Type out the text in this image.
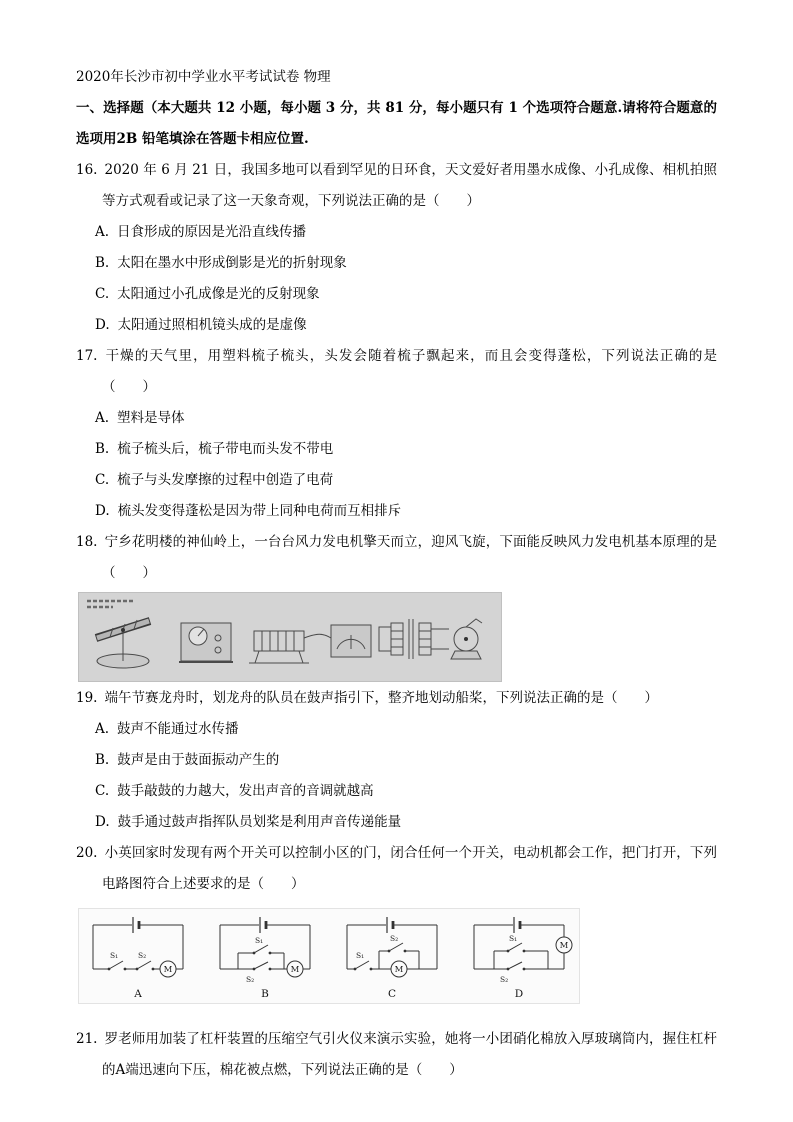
2020年长沙市初中学业水平考试试卷 物理

一、选择题（本大题共 12 小题，每小题 3 分，共 81 分，每小题只有 1 个选项符合题意.请将符合题意的选项用2B 铅笔填涂在答题卡相应位置.

16. 2020 年 6 月 21 日，我国多地可以看到罕见的日环食，天文爱好者用墨水成像、小孔成像、相机拍照等方式观看或记录了这一天象奇观，下列说法正确的是（　　）

A. 日食形成的原因是光沿直线传播

B. 太阳在墨水中形成倒影是光的折射现象

C. 太阳通过小孔成像是光的反射现象

D. 太阳通过照相机镜头成的是虚像

17. 干燥的天气里，用塑料梳子梳头，头发会随着梳子飘起来，而且会变得蓬松，下列说法正确的是（　　）

A. 塑料是导体

B. 梳子梳头后，梳子带电而头发不带电

C. 梳子与头发摩擦的过程中创造了电荷

D. 梳头发变得蓬松是因为带上同种电荷而互相排斥

18. 宁乡花明楼的神仙岭上，一台台风力发电机擎天而立，迎风飞旋，下面能反映风力发电机基本原理的是（　　）

19. 端午节赛龙舟时，划龙舟的队员在鼓声指引下，整齐地划动船桨，下列说法正确的是（　　）

A. 鼓声不能通过水传播

B. 鼓声是由于鼓面振动产生的

C. 鼓手敲鼓的力越大，发出声音的音调就越高

D. 鼓手通过鼓声指挥队员划桨是利用声音传递能量

20. 小英回家时发现有两个开关可以控制小区的门，闭合任何一个开关，电动机都会工作，把门打开，下列电路图符合上述要求的是（　　）

S₁	S₂
M
A
S₁
S₂
M
B
S₁
S₂
M
C
S₁
S₂
M
D

21. 罗老师用加装了杠杆装置的压缩空气引火仪来演示实验，她将一小团硝化棉放入厚玻璃筒内，握住杠杆的A端迅速向下压，棉花被点燃，下列说法正确的是（　　）
